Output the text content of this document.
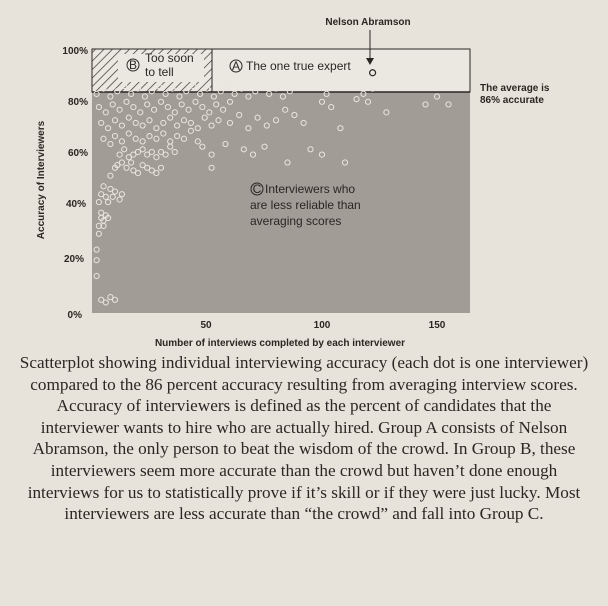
100%
80%
60%
40%
20%
0%
50	100	150
Number of interviews completed by each interviewer
Accuracy of Interviewers
B Too soon
to tell	A The one true expert
Nelson Abramson
The average is
86% accurate
C Interviewers who
are less reliable than
averaging scores

Scatterplot showing individual interviewing accuracy (each dot is one interviewer) compared to the 86 percent accuracy resulting from averaging interview scores. Accuracy of interviewers is defined as the percent of candidates that the interviewer wants to hire who are actually hired. Group A consists of Nelson Abramson, the only person to beat the wisdom of the crowd. In Group B, these interviewers seem more accurate than the crowd but haven’t done enough interviews for us to statistically prove if it’s skill or if they were just lucky. Most interviewers are less accurate than “the crowd” and fall into Group C.
